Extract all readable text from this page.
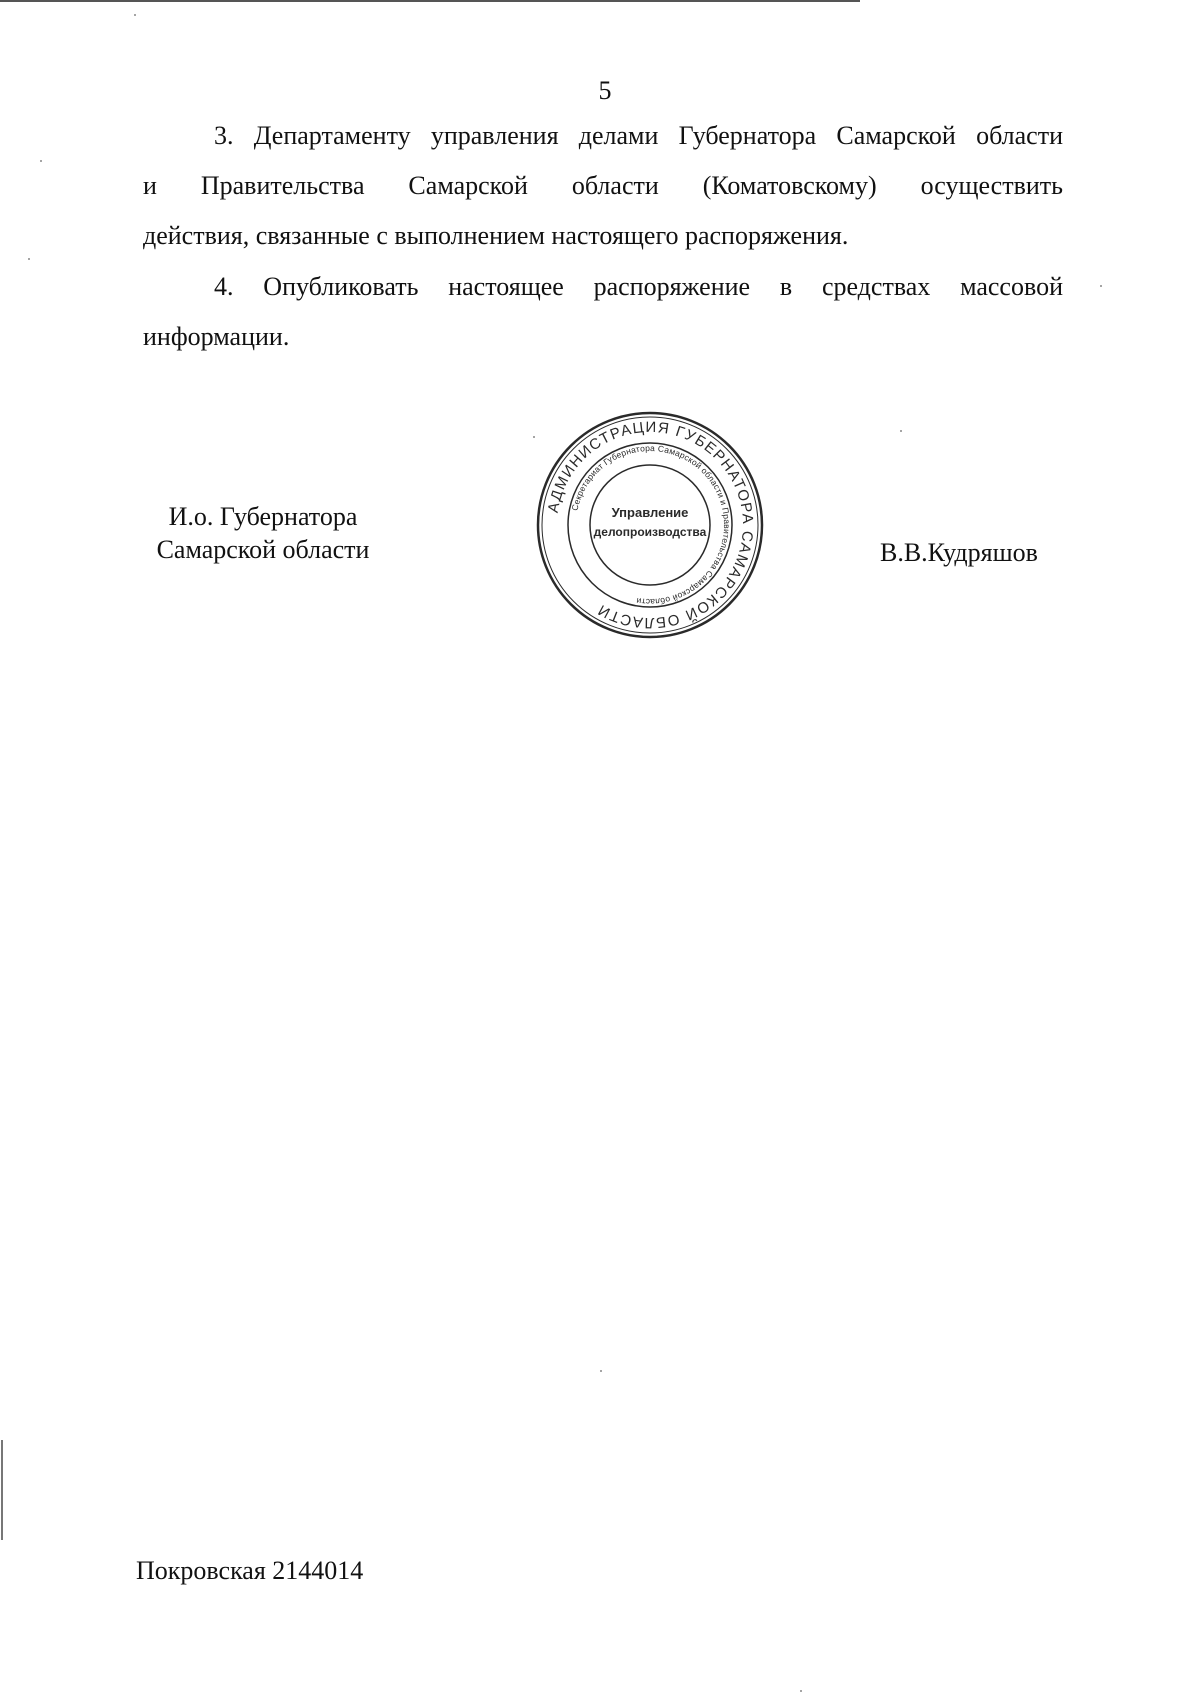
5

3. Департаменту управления делами Губернатора Самарской области
и Правительства Самарской области (Коматовскому) осуществить
действия, связанные с выполнением настоящего распоряжения.

4. Опубликовать настоящее распоряжение в средствах массовой
информации.

И.о. Губернатора
Самарской области
АДМИНИСТРАЦИЯ ГУБЕРНАТОРА САМАРСКОЙ ОБЛАСТИ
Секретариат Губернатора Самарской области и Правительства Самарской области
Управление
делопроизводства
В.В.Кудряшов
Покровская 2144014
